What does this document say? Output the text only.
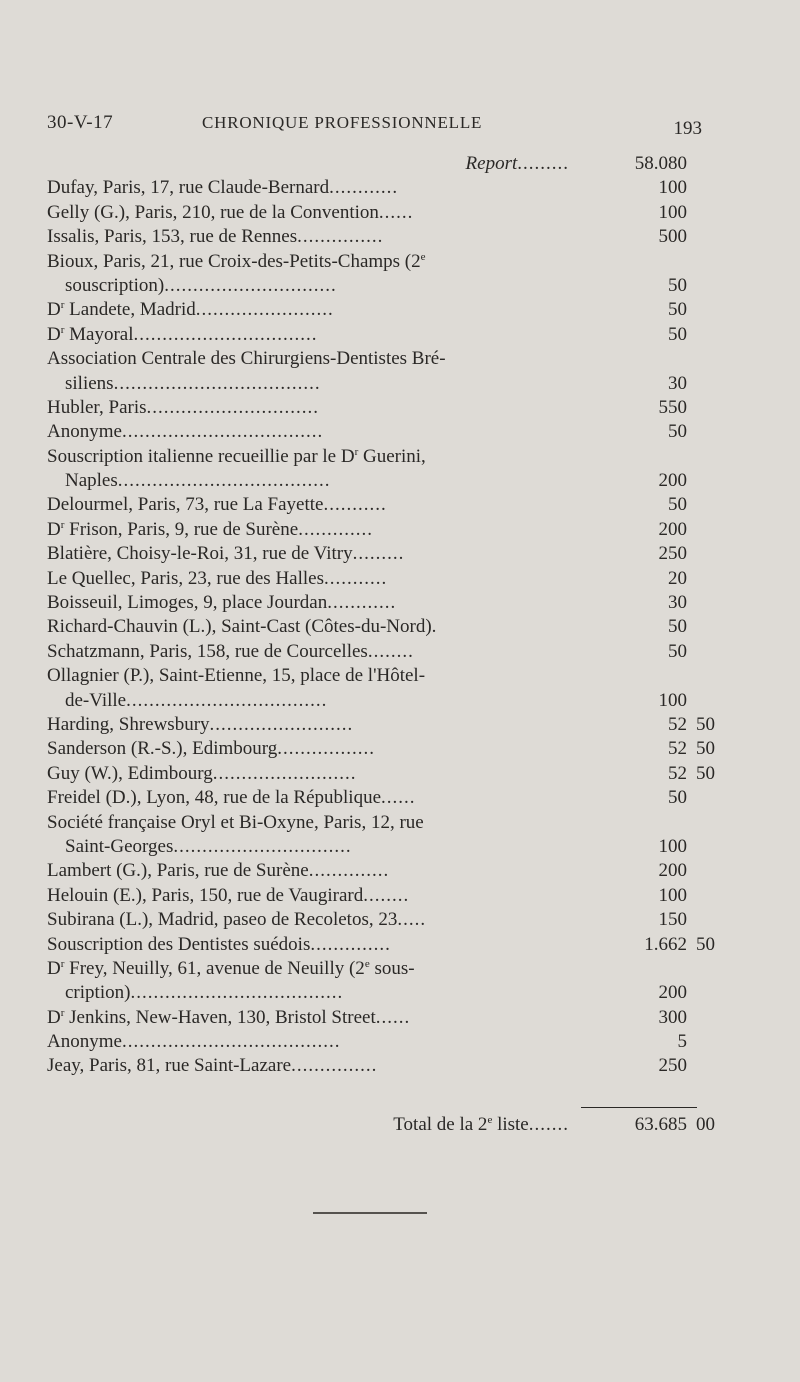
30-V-17	CHRONIQUE PROFESSIONNELLE	193
Report.........	58.080
Dufay, Paris, 17, rue Claude-Bernard............	100
Gelly (G.), Paris, 210, rue de la Convention......	100
Issalis, Paris, 153, rue de Rennes...............	500
Bioux, Paris, 21, rue Croix-des-Petits-Champs (2e
souscription)..............................	50
$D^r$ Landete, Madrid........................	50
$D^r$ Mayoral................................	50
Association Centrale des Chirurgiens-Dentistes Bré-
siliens....................................	30
Hubler, Paris..............................	550
Anonyme...................................	50
Souscription italienne recueillie par le $D^r$ Guerini,
Naples.....................................	200
Delourmel, Paris, 73, rue La Fayette...........	50
$D^r$ Frison, Paris, 9, rue de Surène.............	200
Blatière, Choisy-le-Roi, 31, rue de Vitry.........	250
Le Quellec, Paris, 23, rue des Halles...........	20
Boisseuil, Limoges, 9, place Jourdan............	30
Richard-Chauvin (L.), Saint-Cast (Côtes-du-Nord).	50
Schatzmann, Paris, 158, rue de Courcelles........	50
Ollagnier (P.), Saint-Etienne, 15, place de l'Hôtel-
de-Ville...................................	100
Harding, Shrewsbury.........................	52 50
Sanderson (R.-S.), Edimbourg.................	52 50
Guy (W.), Edimbourg.........................	52 50
Freidel (D.), Lyon, 48, rue de la République......	50
Société française Oryl et Bi-Oxyne, Paris, 12, rue
Saint-Georges...............................	100
Lambert (G.), Paris, rue de Surène..............	200
Helouin (E.), Paris, 150, rue de Vaugirard........	100
Subirana (L.), Madrid, paseo de Recoletos, 23.....	150
Souscription des Dentistes suédois..............	1.662 50
$D^r$ Frey, Neuilly, 61, avenue de Neuilly (2e sous-
cription).....................................	200
$D^r$ Jenkins, New-Haven, 130, Bristol Street......	300
Anonyme......................................	5
Jeay, Paris, 81, rue Saint-Lazare...............	250
Total de la 2e liste.......	63.685 00
